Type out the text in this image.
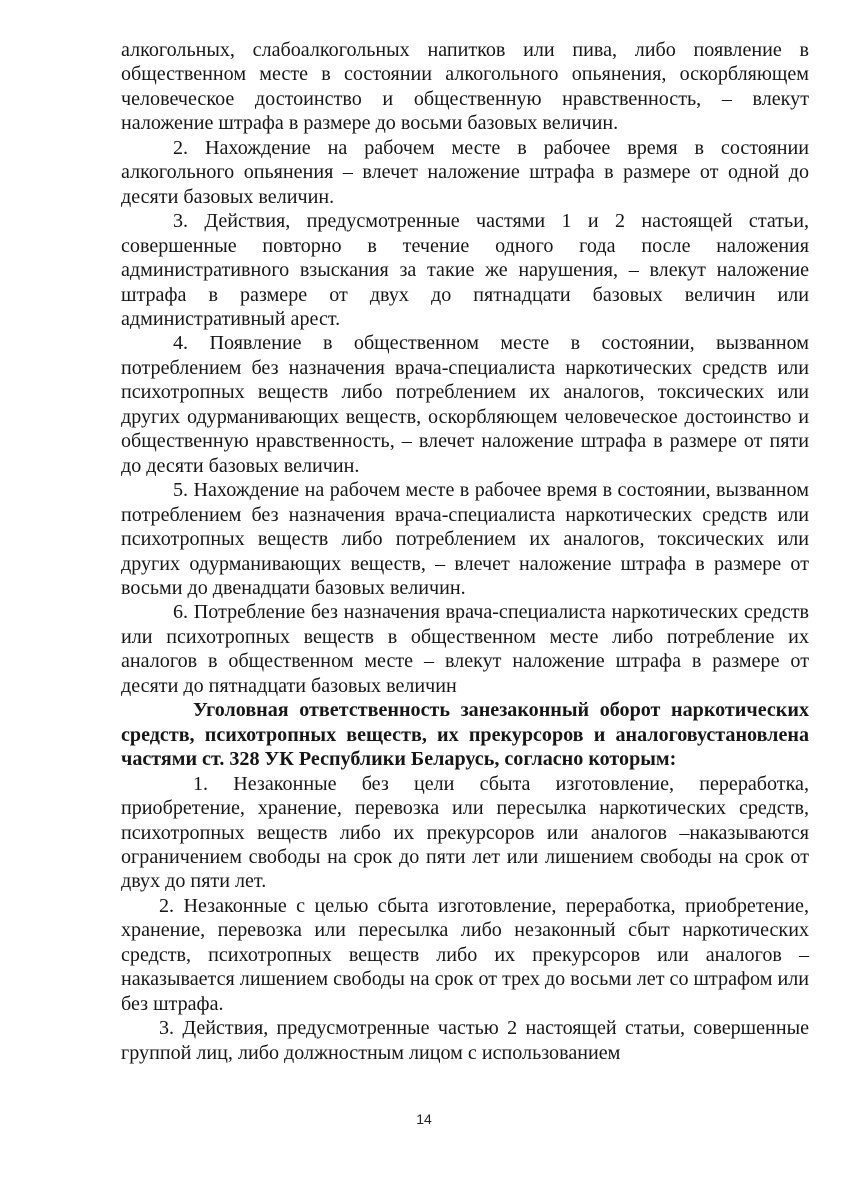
алкогольных, слабоалкогольных напитков или пива, либо появление в общественном месте в состоянии алкогольного опьянения, оскорбляющем человеческое достоинство и общественную нравственность, – влекут наложение штрафа в размере до восьми базовых величин.

2. Нахождение на рабочем месте в рабочее время в состоянии алкогольного опьянения – влечет наложение штрафа в размере от одной до десяти базовых величин.

3. Действия, предусмотренные частями 1 и 2 настоящей статьи, совершенные повторно в течение одного года после наложения административного взыскания за такие же нарушения, – влекут наложение штрафа в размере от двух до пятнадцати базовых величин или административный арест.

4. Появление в общественном месте в состоянии, вызванном потреблением без назначения врача-специалиста наркотических средств или психотропных веществ либо потреблением их аналогов, токсических или других одурманивающих веществ, оскорбляющем человеческое достоинство и общественную нравственность, – влечет наложение штрафа в размере от пяти до десяти базовых величин.

5. Нахождение на рабочем месте в рабочее время в состоянии, вызванном потреблением без назначения врача-специалиста наркотических средств или психотропных веществ либо потреблением их аналогов, токсических или других одурманивающих веществ, – влечет наложение штрафа в размере от восьми до двенадцати базовых величин.

6. Потребление без назначения врача-специалиста наркотических средств или психотропных веществ в общественном месте либо потребление их аналогов в общественном месте – влекут наложение штрафа в размере от десяти до пятнадцати базовых величин

Уголовная ответственность занезаконный оборот наркотических средств, психотропных веществ, их прекурсоров и аналоговустановлена частями ст. 328 УК Республики Беларусь, согласно которым:

1. Незаконные без цели сбыта изготовление, переработка, приобретение, хранение, перевозка или пересылка наркотических средств, психотропных веществ либо их прекурсоров или аналогов –наказываются ограничением свободы на срок до пяти лет или лишением свободы на срок от двух до пяти лет.

2. Незаконные с целью сбыта изготовление, переработка, приобретение, хранение, перевозка или пересылка либо незаконный сбыт наркотических средств, психотропных веществ либо их прекурсоров или аналогов – наказывается лишением свободы на срок от трех до восьми лет со штрафом или без штрафа.

3. Действия, предусмотренные частью 2 настоящей статьи, совершенные группой лиц, либо должностным лицом с использованием

14
